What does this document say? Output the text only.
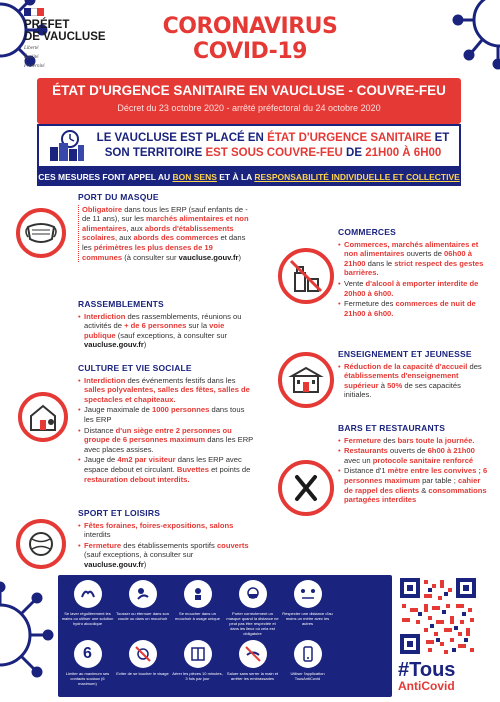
PRÉFET
DE VAUCLUSE
Liberté
Égalité
Fraternité
CORONAVIRUS
COVID-19
ÉTAT D'URGENCE SANITAIRE EN VAUCLUSE - COUVRE-FEU
Décret du 23 octobre 2020 - arrêté préfectoral du 24 octobre 2020
LE VAUCLUSE EST PLACÉ EN ÉTAT D'URGENCE SANITAIRE ET SON TERRITOIRE EST SOUS COUVRE-FEU DE 21H00 À 6H00
CES MESURES FONT APPEL AU BON SENS ET À LA RESPONSABILITÉ INDIVIDUELLE ET COLLECTIVE
PORT DU MASQUE
Obligatoire dans tous les ERP (sauf enfants de - de 11 ans), sur les marchés alimentaires et non alimentaires, aux abords d'établissements scolaires, aux abords des commerces et dans les périmètres les plus denses de 19 communes (à consulter sur vaucluse.gouv.fr)
RASSEMBLEMENTS
• Interdiction des rassemblements, réunions ou activités de + de 6 personnes sur la voie publique (sauf exceptions, à consulter sur vaucluse.gouv.fr)
CULTURE ET VIE SOCIALE
• Interdiction des événements festifs dans les salles polyvalentes, salles des fêtes, salles de spectacles et chapiteaux.
• Jauge maximale de 1000 personnes dans tous les ERP
• Distance d'un siège entre 2 personnes ou groupe de 6 personnes maximum dans les ERP avec places assises.
• Jauge de 4m2 par visiteur dans les ERP avec espace debout et circulant. Buvettes et points de restauration debout interdits.
SPORT ET LOISIRS
• Fêtes foraines, foires-expositions, salons interdits
• Fermeture des établissements sportifs couverts (sauf exceptions, à consulter sur vaucluse.gouv.fr)
COMMERCES
• Commerces, marchés alimentaires et non alimentaires ouverts de 06h00 à 21h00 dans le strict respect des gestes barrières.
• Vente d'alcool à emporter interdite de 20h00 à 6h00.
• Fermeture des commerces de nuit de 21h00 à 6h00.
ENSEIGNEMENT ET JEUNESSE
• Réduction de la capacité d'accueil des établissements d'enseignement supérieur à 50% de ses capacités initiales.
BARS ET RESTAURANTS
• Fermeture des bars toute la journée.
• Restaurants ouverts de 6h00 à 21h00 avec un protocole sanitaire renforcé
• Distance d'1 mètre entre les convives ; 6 personnes maximum par table ; cahier de rappel des clients & consommations partagées interdites
Se laver régulièrement les mains ou utiliser une solution hydro alcoolique
Tousser ou éternuer dans son coude ou dans un mouchoir
Se moucher dans un mouchoir à usage unique
Porter correctement un masque quand la distance ne peut pas être respectée et dans les lieux où cela est obligatoire
Respecter une distance d'au moins un mètre avec les autres
6
Limiter au maximum ses contacts sociaux (6 maximum)
Eviter de se toucher le visage Aérer les pièces 10 minutes, 3 fois par jour
Saluer sans serrer la main et arrêter les embrassades
Utiliser l'application TousAntiCovid	#Tous
AntiCovid
